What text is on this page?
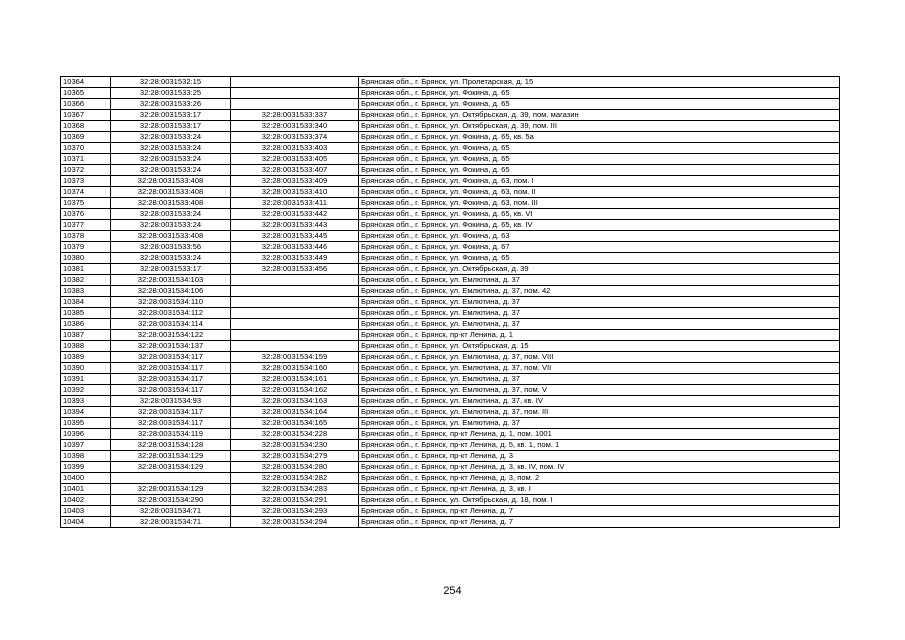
10364	32:28:0031532:15		Брянская обл., г. Брянск, ул. Пролетарская, д. 15
10365	32:28:0031533:25		Брянская обл., г. Брянск, ул. Фокина, д. 65
10366	32:28:0031533:26		Брянская обл., г. Брянск, ул. Фокина, д. 65
10367	32:28:0031533:17	32:28:0031533:337	Брянская обл., г. Брянск, ул. Октябрьская, д. 39, пом. магазин
10368	32:28:0031533:17	32:28:0031533:340	Брянская обл., г. Брянск, ул. Октябрьская, д. 39, пом. III
10369	32:28:0031533:24	32:28:0031533:374	Брянская обл., г. Брянск, ул. Фокина, д. 65, кв. 5а
10370	32:28:0031533:24	32:28:0031533:403	Брянская обл., г. Брянск, ул. Фокина, д. 65
10371	32:28:0031533:24	32:28:0031533:405	Брянская обл., г. Брянск, ул. Фокина, д. 65
10372	32:28:0031533:24	32:28:0031533:407	Брянская обл., г. Брянск, ул. Фокина, д. 65
10373	32:28:0031533:408	32:28:0031533:409	Брянская обл., г. Брянск, ул. Фокина, д. 63, пом. I
10374	32:28:0031533:408	32:28:0031533:410	Брянская обл., г. Брянск, ул. Фокина, д. 63, пом. II
10375	32:28:0031533:408	32:28:0031533:411	Брянская обл., г. Брянск, ул. Фокина, д. 63, пом. III
10376	32:28:0031533:24	32:28:0031533:442	Брянская обл., г. Брянск, ул. Фокина, д. 65, кв. VI
10377	32:28:0031533:24	32:28:0031533:443	Брянская обл., г. Брянск, ул. Фокина, д. 65, кв. IV
10378	32:28:0031533:408	32:28:0031533:445	Брянская обл., г. Брянск, ул. Фокина, д. 63
10379	32:28:0031533:56	32:28:0031533:446	Брянская обл., г. Брянск, ул. Фокина, д. 67
10380	32:28:0031533:24	32:28:0031533:449	Брянская обл., г. Брянск, ул. Фокина, д. 65
10381	32:28:0031533:17	32:28:0031533:456	Брянская обл., г. Брянск, ул. Октябрьская, д. 39
10382	32:28:0031534:103		Брянская обл., г. Брянск, ул. Емлютина, д. 37
10383	32:28:0031534:106		Брянская обл., г. Брянск, ул. Емлютина, д. 37, пом. 42
10384	32:28:0031534:110		Брянская обл., г. Брянск, ул. Емлютина, д. 37
10385	32:28:0031534:112		Брянская обл., г. Брянск, ул. Емлютина, д. 37
10386	32:28:0031534:114		Брянская обл., г. Брянск, ул. Емлютина, д. 37
10387	32:28:0031534:122		Брянская обл., г. Брянск, пр-кт Ленина, д. 1
10388	32:28:0031534:137		Брянская обл., г. Брянск, ул. Октябрьская, д. 15
10389	32:28:0031534:117	32:28:0031534:159	Брянская обл., г. Брянск, ул. Емлютина, д. 37, пом. VIII
10390	32:28:0031534:117	32:28:0031534:160	Брянская обл., г. Брянск, ул. Емлютина, д. 37, пом. VII
10391	32:28:0031534:117	32:28:0031534:161	Брянская обл., г. Брянск, ул. Емлютина, д. 37
10392	32:28:0031534:117	32:28:0031534:162	Брянская обл., г. Брянск, ул. Емлютина, д. 37, пом. V
10393	32:28:0031534:93	32:28:0031534:163	Брянская обл., г. Брянск, ул. Емлютина, д. 37, кв. IV
10394	32:28:0031534:117	32:28:0031534:164	Брянская обл., г. Брянск, ул. Емлютина, д. 37, пом. III
10395	32:28:0031534:117	32:28:0031534:165	Брянская обл., г. Брянск, ул. Емлютина, д. 37
10396	32:28:0031534:119	32:28:0031534:228	Брянская обл., г. Брянск, пр-кт Ленина, д. 1, пом. 1001
10397	32:28:0031534:128	32:28:0031534:230	Брянская обл., г. Брянск, пр-кт Ленина, д. 5, кв. 1, пом. 1
10398	32:28:0031534:129	32:28:0031534:279	Брянская обл., г. Брянск, пр-кт Ленина, д. 3
10399	32:28:0031534:129	32:28:0031534:280	Брянская обл., г. Брянск, пр-кт Ленина, д. 3, кв. IV, пом. IV
10400		32:28:0031534:282	Брянская обл., г. Брянск, пр-кт Ленина, д. 3, пом. 2
10401	32:28:0031534:129	32:28:0031534:283	Брянская обл., г. Брянск, пр-кт Ленина, д. 3, кв. I
10402	32:28:0031534:290	32:28:0031534:291	Брянская обл., г. Брянск, ул. Октябрьская, д. 18, пом. I
10403	32:28:0031534:71	32:28:0031534:293	Брянская обл., г. Брянск, пр-кт Ленина, д. 7
10404	32:28:0031534:71	32:28:0031534:294	Брянская обл., г. Брянск, пр-кт Ленина, д. 7
254
